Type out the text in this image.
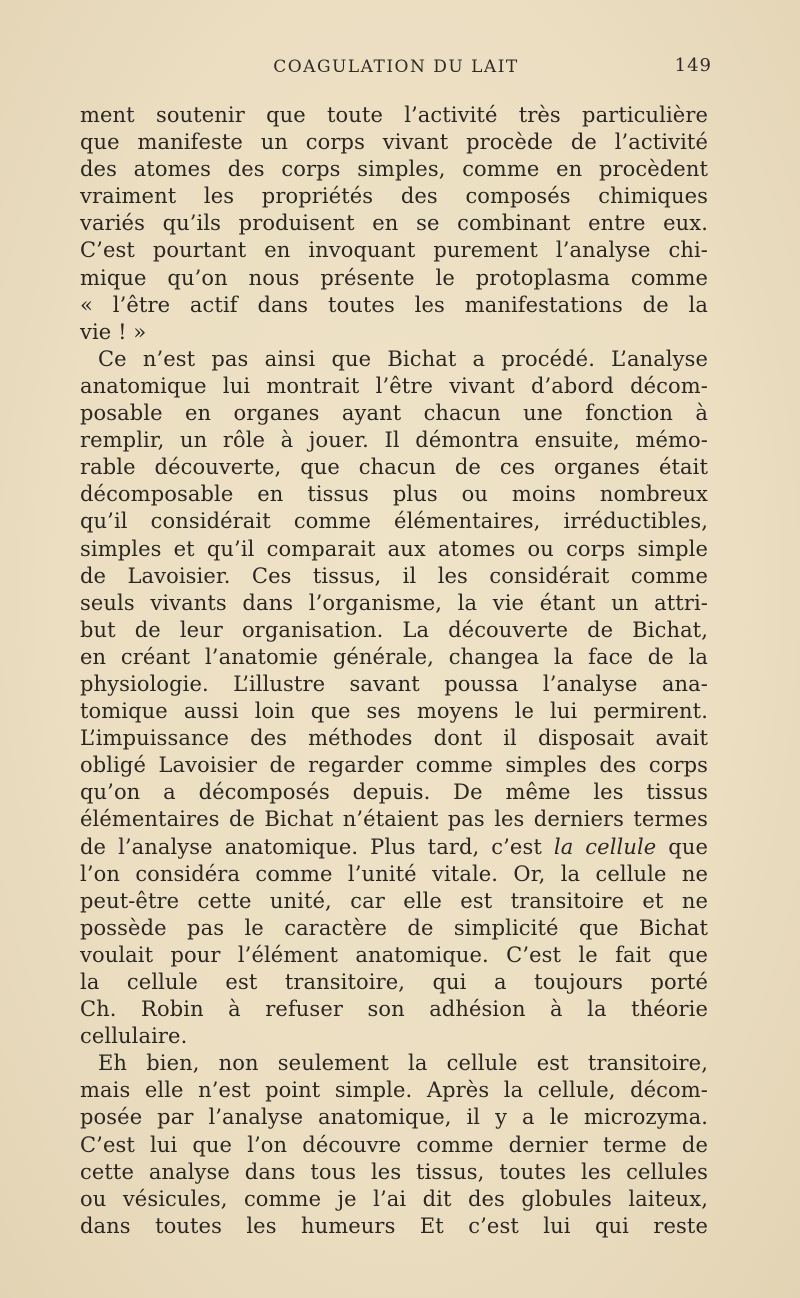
COAGULATION DU LAIT	149
ment soutenir que toute l’activité très particulière
que manifeste un corps vivant procède de l’activité
des atomes des corps simples, comme en procèdent
vraiment les propriétés des composés chimiques
variés qu’ils produisent en se combinant entre eux.
C’est pourtant en invoquant purement l’analyse chi-
mique qu’on nous présente le protoplasma comme
« l’être actif dans toutes les manifestations de la
vie ! »
Ce n’est pas ainsi que Bichat a procédé. L’analyse
anatomique lui montrait l’être vivant d’abord décom-
posable en organes ayant chacun une fonction à
remplir, un rôle à jouer. Il démontra ensuite, mémo-
rable découverte, que chacun de ces organes était
décomposable en tissus plus ou moins nombreux
qu’il considérait comme élémentaires, irréductibles,
simples et qu’il comparait aux atomes ou corps simple
de Lavoisier. Ces tissus, il les considérait comme
seuls vivants dans l’organisme, la vie étant un attri-
but de leur organisation. La découverte de Bichat,
en créant l’anatomie générale, changea la face de la
physiologie. L’illustre savant poussa l’analyse ana-
tomique aussi loin que ses moyens le lui permirent.
L’impuissance des méthodes dont il disposait avait
obligé Lavoisier de regarder comme simples des corps
qu’on a décomposés depuis. De même les tissus
élémentaires de Bichat n’étaient pas les derniers termes
de l’analyse anatomique. Plus tard, c’est la cellule que
l’on considéra comme l’unité vitale. Or, la cellule ne
peut-être cette unité, car elle est transitoire et ne
possède pas le caractère de simplicité que Bichat
voulait pour l’élément anatomique. C’est le fait que
la cellule est transitoire, qui a toujours porté
Ch. Robin à refuser son adhésion à la théorie
cellulaire.
Eh bien, non seulement la cellule est transitoire,
mais elle n’est point simple. Après la cellule, décom-
posée par l’analyse anatomique, il y a le microzyma.
C’est lui que l’on découvre comme dernier terme de
cette analyse dans tous les tissus, toutes les cellules
ou vésicules, comme je l’ai dit des globules laiteux,
dans toutes les humeurs Et c’est lui qui reste
